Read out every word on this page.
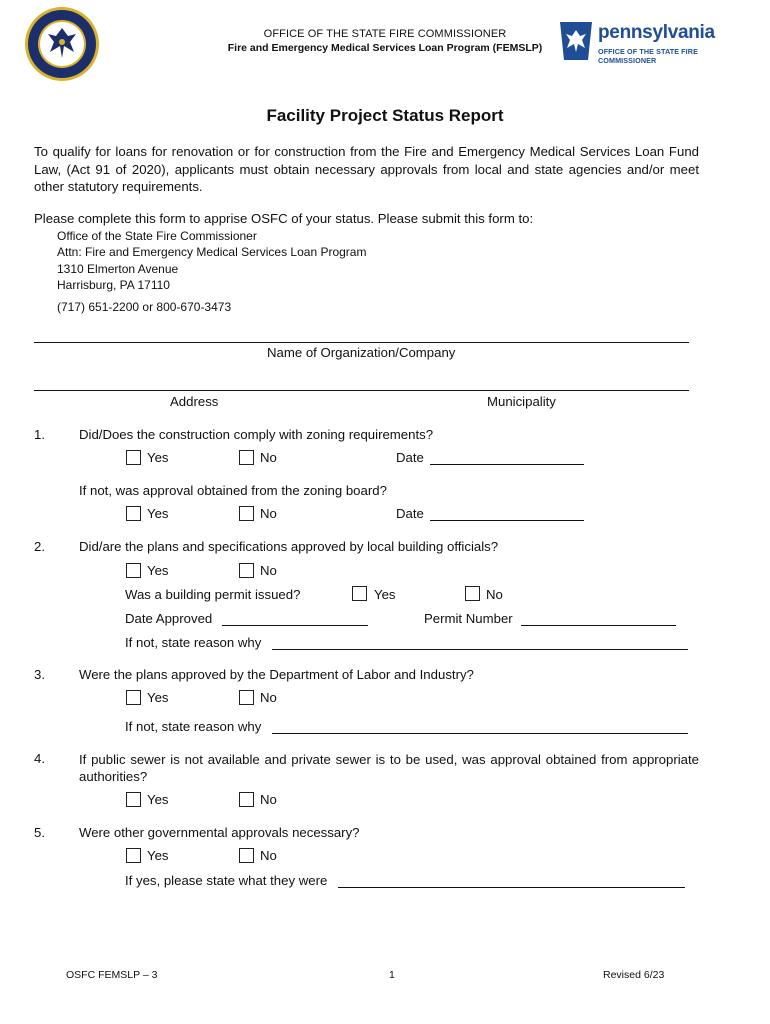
OFFICE OF THE STATE FIRE COMMISSIONER
Fire and Emergency Medical Services Loan Program (FEMSLP)
pennsylvania
OFFICE OF THE STATE FIRE COMMISSIONER
Facility Project Status Report
To qualify for loans for renovation or for construction from the Fire and Emergency Medical Services Loan Fund Law, (Act 91 of 2020), applicants must obtain necessary approvals from local and state agencies and/or meet other statutory requirements.
Please complete this form to apprise OSFC of your status. Please submit this form to:
Office of the State Fire Commissioner
Attn: Fire and Emergency Medical Services Loan Program
1310 Elmerton Avenue
Harrisburg, PA 17110
(717) 651-2200 or 800-670-3473
Name of Organization/Company
Address	Municipality
1.	Did/Does the construction comply with zoning requirements?
Yes	No	Date
If not, was approval obtained from the zoning board?
Yes	No	Date
2.	Did/are the plans and specifications approved by local building officials?
Yes	No
Was a building permit issued?	Yes	No
Date Approved	Permit Number
If not, state reason why
3.	Were the plans approved by the Department of Labor and Industry?
Yes	No
If not, state reason why
4.	If public sewer is not available and private sewer is to be used, was approval obtained from appropriate authorities?
Yes	No
5.	Were other governmental approvals necessary?
Yes	No
If yes, please state what they were
OSFC FEMSLP – 3	1	Revised 6/23
